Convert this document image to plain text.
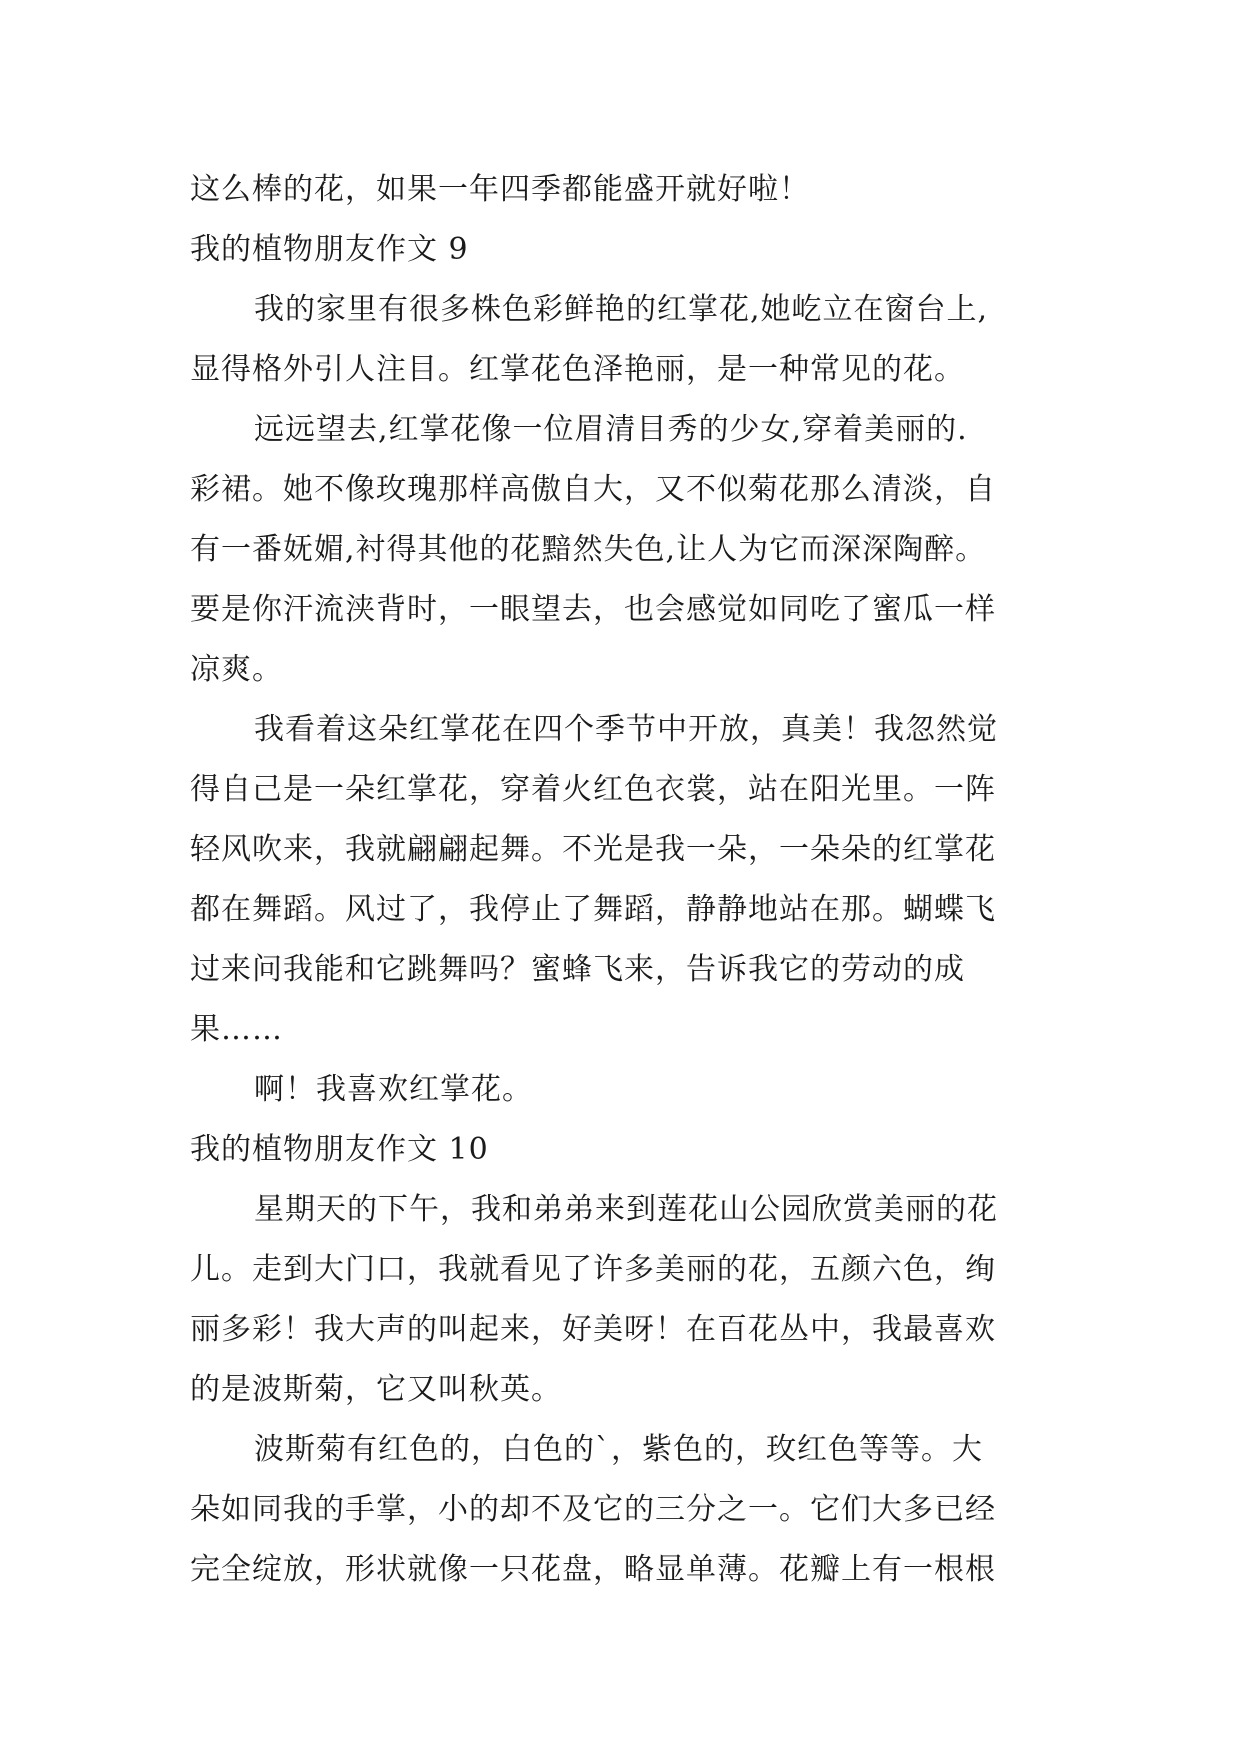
这么棒的花，如果一年四季都能盛开就好啦！
我的植物朋友作文 9
我的家里有很多株色彩鲜艳的红掌花,她屹立在窗台上,
显得格外引人注目。红掌花色泽艳丽，是一种常见的花。
远远望去,红掌花像一位眉清目秀的少女,穿着美丽的.
彩裙。她不像玫瑰那样高傲自大，又不似菊花那么清淡，自
有一番妩媚,衬得其他的花黯然失色,让人为它而深深陶醉。
要是你汗流浃背时，一眼望去，也会感觉如同吃了蜜瓜一样
凉爽。
我看着这朵红掌花在四个季节中开放，真美！我忽然觉
得自己是一朵红掌花，穿着火红色衣裳，站在阳光里。一阵
轻风吹来，我就翩翩起舞。不光是我一朵，一朵朵的红掌花
都在舞蹈。风过了，我停止了舞蹈，静静地站在那。蝴蝶飞
过来问我能和它跳舞吗？蜜蜂飞来，告诉我它的劳动的成
果……
啊！我喜欢红掌花。
我的植物朋友作文 10
星期天的下午，我和弟弟来到莲花山公园欣赏美丽的花
儿。走到大门口，我就看见了许多美丽的花，五颜六色，绚
丽多彩！我大声的叫起来，好美呀！在百花丛中，我最喜欢
的是波斯菊，它又叫秋英。
波斯菊有红色的，白色的`，紫色的，玫红色等等。大
朵如同我的手掌，小的却不及它的三分之一。它们大多已经
完全绽放，形状就像一只花盘，略显单薄。花瓣上有一根根
